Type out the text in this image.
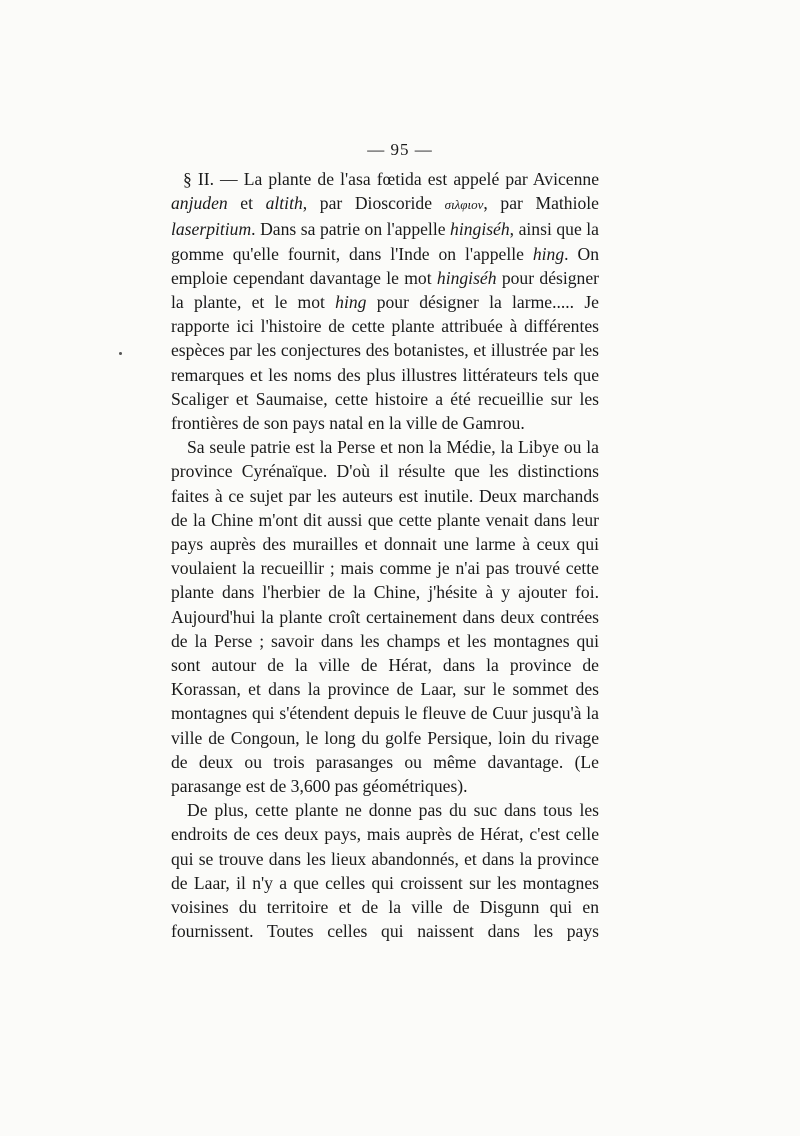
— 95 —

§ II. — La plante de l'asa fœtida est appelé par Avicenne anjuden et altith, par Dioscoride σιλφιον, par Mathiole laserpitium. Dans sa patrie on l'appelle hingiséh, ainsi que la gomme qu'elle fournit, dans l'Inde on l'appelle hing. On emploie cependant davantage le mot hingiséh pour désigner la plante, et le mot hing pour désigner la larme..... Je rapporte ici l'histoire de cette plante attribuée à différentes espèces par les conjectures des botanistes, et illustrée par les remarques et les noms des plus illustres littérateurs tels que Scaliger et Saumaise, cette histoire a été recueillie sur les frontières de son pays natal en la ville de Gamrou.

Sa seule patrie est la Perse et non la Médie, la Libye ou la province Cyrénaïque. D'où il résulte que les distinctions faites à ce sujet par les auteurs est inutile. Deux marchands de la Chine m'ont dit aussi que cette plante venait dans leur pays auprès des murailles et donnait une larme à ceux qui voulaient la recueillir ; mais comme je n'ai pas trouvé cette plante dans l'herbier de la Chine, j'hésite à y ajouter foi. Aujourd'hui la plante croît certainement dans deux contrées de la Perse ; savoir dans les champs et les montagnes qui sont autour de la ville de Hérat, dans la province de Korassan, et dans la province de Laar, sur le sommet des montagnes qui s'étendent depuis le fleuve de Cuur jusqu'à la ville de Congoun, le long du golfe Persique, loin du rivage de deux ou trois parasanges ou même davantage. (Le parasange est de 3,600 pas géométriques).

De plus, cette plante ne donne pas du suc dans tous les endroits de ces deux pays, mais auprès de Hérat, c'est celle qui se trouve dans les lieux abandonnés, et dans la province de Laar, il n'y a que celles qui croissent sur les montagnes voisines du territoire et de la ville de Disgunn qui en fournissent. Toutes celles qui naissent dans les pays
